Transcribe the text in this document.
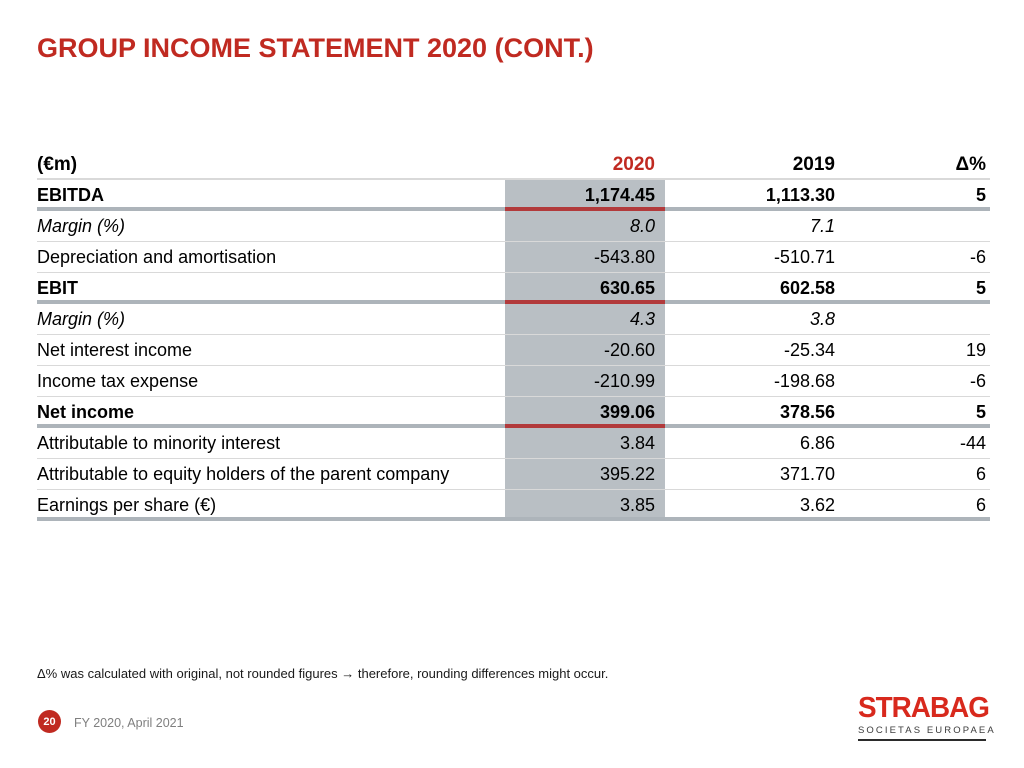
GROUP INCOME STATEMENT 2020 (CONT.)
(€m)	2020	2019	Δ%
EBITDA	1,174.45	1,113.30	5
Margin (%)	8.0	7.1
Depreciation and amortisation	-543.80	-510.71	-6
EBIT	630.65	602.58	5
Margin (%)	4.3	3.8
Net interest income	-20.60	-25.34	19
Income tax expense	-210.99	-198.68	-6
Net income	399.06	378.56	5
Attributable to minority interest	3.84	6.86	-44
Attributable to equity holders of the parent company	395.22	371.70	6
Earnings per share (€)	3.85	3.62	6
Δ% was calculated with original, not rounded figures → therefore, rounding differences might occur.
20	FY 2020, April 2021	STRABAG
SOCIETAS EUROPAEA
